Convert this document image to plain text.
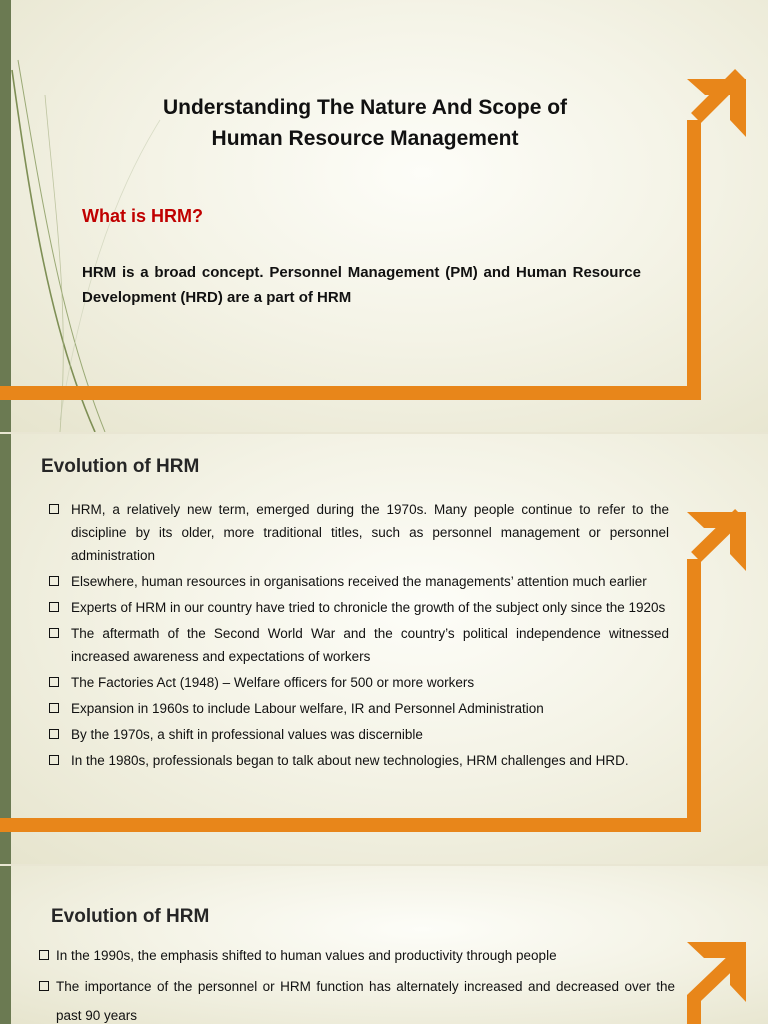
Understanding The Nature And Scope of
Human Resource Management
What is HRM?
HRM is a broad concept. Personnel Management (PM) and Human Resource Development (HRD) are a part of HRM
Evolution of HRM
HRM, a relatively new term, emerged during the 1970s. Many people continue to refer to the discipline by its older, more traditional titles, such as personnel management or personnel administration
Elsewhere, human resources in organisations received the managements’ attention much earlier
Experts of HRM in our country have tried to chronicle the growth of the subject only since the 1920s
The aftermath of the Second World War and the country’s political independence witnessed increased awareness and expectations of workers
The Factories Act (1948) – Welfare officers for 500 or more workers
Expansion in 1960s to include Labour welfare, IR and Personnel Administration
By the 1970s, a shift in professional values was discernible
In the 1980s, professionals began to talk about new technologies, HRM challenges and HRD.
Evolution of HRM
In the 1990s, the emphasis shifted to human values and productivity through people
The importance of the personnel or HRM function has alternately increased and decreased over the past 90 years
